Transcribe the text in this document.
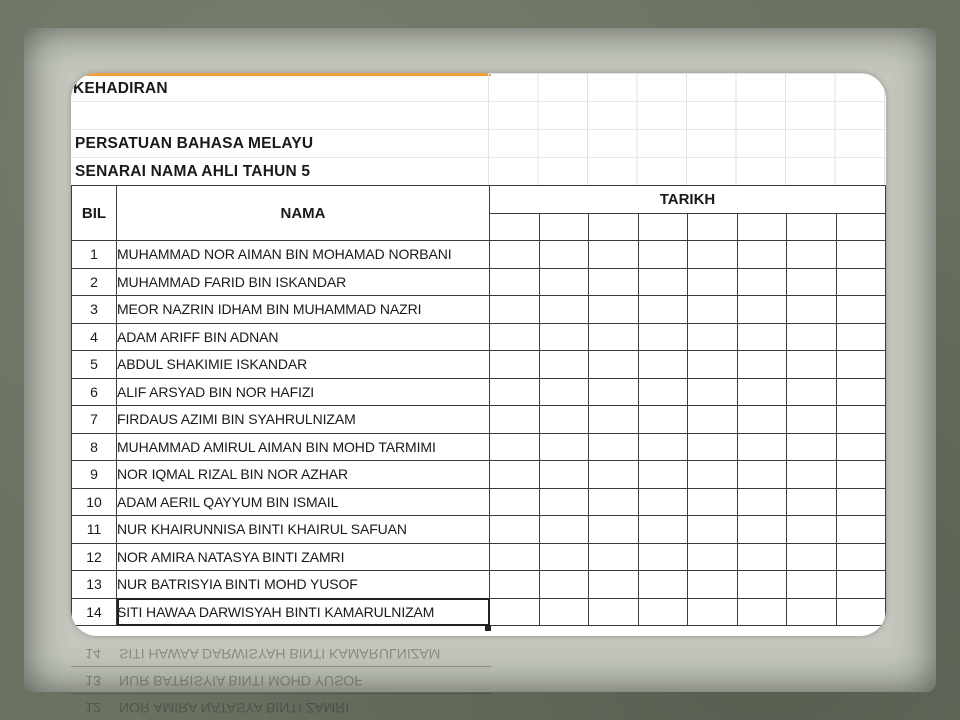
KEHADIRAN
PERSATUAN BAHASA MELAYU
SENARAI NAMA AHLI TAHUN 5
BIL	NAMA	TARIKH							

1	MUHAMMAD NOR AIMAN BIN MOHAMAD NORBANI								
2	MUHAMMAD FARID BIN ISKANDAR								
3	MEOR NAZRIN IDHAM BIN MUHAMMAD NAZRI								
4	ADAM ARIFF BIN ADNAN								
5	ABDUL SHAKIMIE ISKANDAR								
6	ALIF ARSYAD BIN NOR HAFIZI								
7	FIRDAUS AZIMI BIN SYAHRULNIZAM								
8	MUHAMMAD AMIRUL AIMAN BIN MOHD TARMIMI								
9	NOR IQMAL RIZAL BIN NOR AZHAR								
10	ADAM AERIL QAYYUM BIN ISMAIL								
11	NUR KHAIRUNNISA BINTI KHAIRUL SAFUAN								
12	NOR AMIRA NATASYA BINTI ZAMRI								
13	NUR BATRISYIA BINTI MOHD YUSOF								
14	SITI HAWAA DARWISYAH BINTI KAMARULNIZAM								
12	NOR AMIRA NATASYA BINTI ZAMRI
13	NUR BATRISYIA BINTI MOHD YUSOF
14	SITI HAWAA DARWISYAH BINTI KAMARULNIZAM
